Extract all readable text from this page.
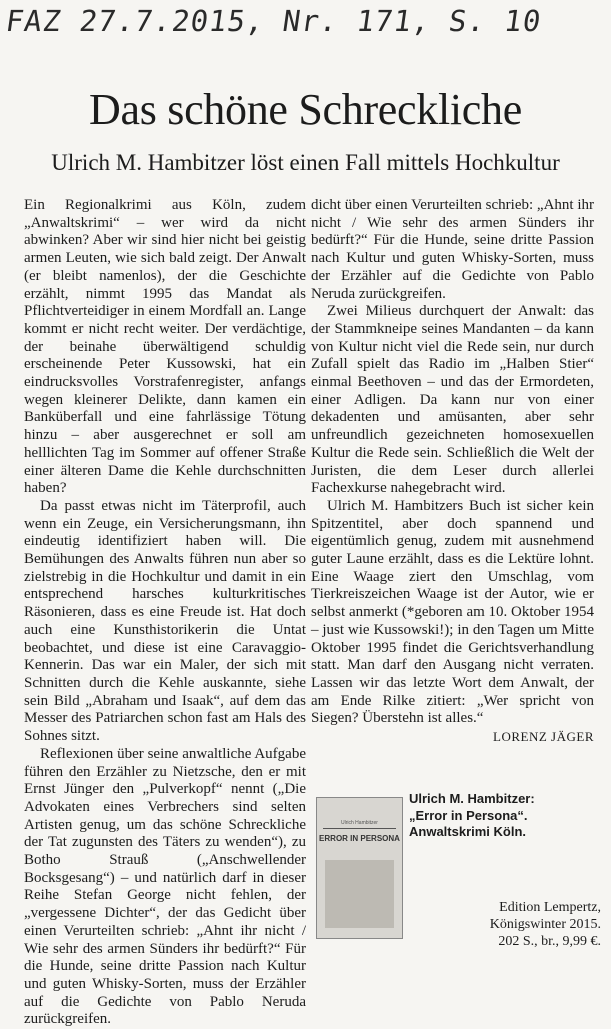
FAZ 27.7.2015, Nr. 171, S. 10
Das schöne Schreckliche
Ulrich M. Hambitzer löst einen Fall mittels Hochkultur

Ein Regionalkrimi aus Köln, zudem „Anwaltskrimi“ – wer wird da nicht abwinken? Aber wir sind hier nicht bei geistig armen Leuten, wie sich bald zeigt. Der Anwalt (er bleibt namenlos), der die Geschichte erzählt, nimmt 1995 das Mandat als Pflichtverteidiger in einem Mordfall an. Lange kommt er nicht recht weiter. Der verdächtige, der beinahe überwältigend schuldig erscheinende Peter Kussowski, hat ein eindrucksvolles Vorstrafenregister, anfangs wegen kleinerer Delikte, dann kamen ein Banküberfall und eine fahrlässige Tötung hinzu – aber ausgerechnet er soll am helllichten Tag im Sommer auf offener Straße einer älteren Dame die Kehle durchschnitten haben?

Da passt etwas nicht im Täterprofil, auch wenn ein Zeuge, ein Versicherungsmann, ihn eindeutig identifiziert haben will. Die Bemühungen des Anwalts führen nun aber so zielstrebig in die Hochkultur und damit in ein entsprechend harsches kulturkritisches Räsonieren, dass es eine Freude ist. Hat doch auch eine Kunsthistorikerin die Untat beobachtet, und diese ist eine Caravaggio-Kennerin. Das war ein Maler, der sich mit Schnitten durch die Kehle auskannte, siehe sein Bild „Abraham und Isaak“, auf dem das Messer des Patriarchen schon fast am Hals des Sohnes sitzt.

Reflexionen über seine anwaltliche Aufgabe führen den Erzähler zu Nietzsche, den er mit Ernst Jünger den „Pulverkopf“ nennt („Die Advokaten eines Verbrechers sind selten Artisten genug, um das schöne Schreckliche der Tat zugunsten des Täters zu wenden“), zu Botho Strauß („Anschwellender Bocksgesang“) – und natürlich darf in dieser Reihe Stefan George nicht fehlen, der „vergessene Dichter“, der das Gedicht über einen Verurteilten schrieb: „Ahnt ihr nicht / Wie sehr des armen Sünders ihr bedürft?“ Für die Hunde, seine dritte Passion nach Kultur und guten Whisky-Sorten, muss der Erzähler auf die Gedichte von Pablo Neruda zurückgreifen.

dicht über einen Verurteilten schrieb: „Ahnt ihr nicht / Wie sehr des armen Sünders ihr bedürft?“ Für die Hunde, seine dritte Passion nach Kultur und guten Whisky-Sorten, muss der Erzähler auf die Gedichte von Pablo Neruda zurückgreifen.

Zwei Milieus durchquert der Anwalt: das der Stammkneipe seines Mandanten – da kann von Kultur nicht viel die Rede sein, nur durch Zufall spielt das Radio im „Halben Stier“ einmal Beethoven – und das der Ermordeten, einer Adligen. Da kann nur von einer dekadenten und amüsanten, aber sehr unfreundlich gezeichneten homosexuellen Kultur die Rede sein. Schließlich die Welt der Juristen, die dem Leser durch allerlei Fachexkurse nahegebracht wird.

Ulrich M. Hambitzers Buch ist sicher kein Spitzentitel, aber doch spannend und eigentümlich genug, zudem mit ausnehmend guter Laune erzählt, dass es die Lektüre lohnt. Eine Waage ziert den Umschlag, vom Tierkreiszeichen Waage ist der Autor, wie er selbst anmerkt (*geboren am 10. Oktober 1954 – just wie Kussowski!); in den Tagen um Mitte Oktober 1995 findet die Gerichtsverhandlung statt. Man darf den Ausgang nicht verraten. Lassen wir das letzte Wort dem Anwalt, der am Ende Rilke zitiert: „Wer spricht von Siegen? Überstehn ist alles.“
LORENZ JÄGER

Ulrich Hambitzer
ERROR IN PERSONA
Ulrich M. Hambitzer:
„Error in Persona“.
Anwaltskrimi Köln.
Edition Lempertz,
Königswinter 2015.
202 S., br., 9,99 €.
